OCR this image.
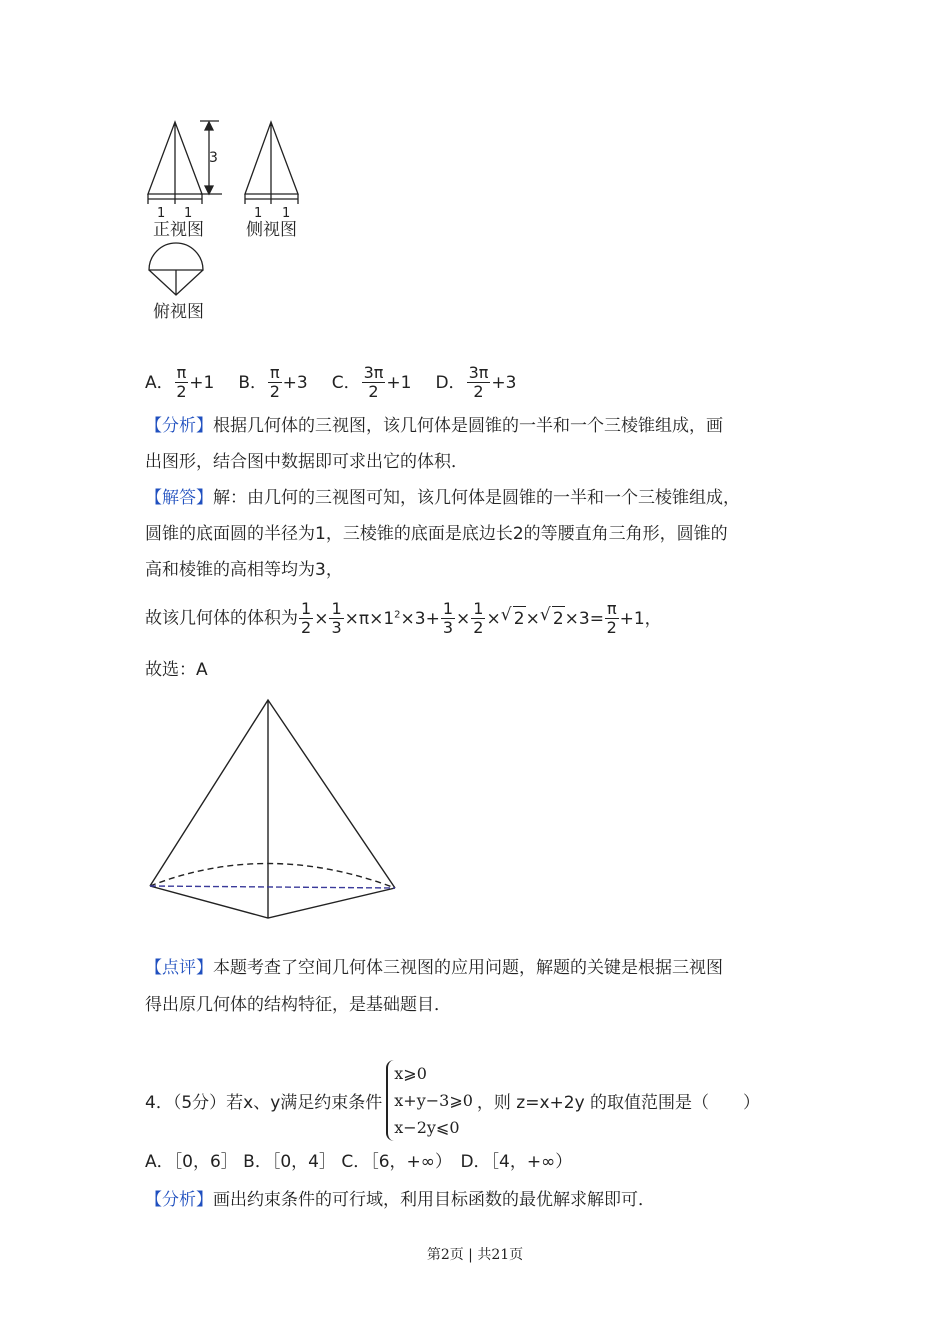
3
1 1	1 1
正视图 侧视图
俯视图
A． $\frac{\pi}{2} +1$ B． $\frac{\pi}{2} +3$ C． $\frac{3\pi}{2} +1$ D． $\frac{3\pi}{2} +3$
【分析】根据几何体的三视图，该几何体是圆锥的一半和一个三棱锥组成，画
出图形，结合图中数据即可求出它的体积．
【解答】解：由几何的三视图可知，该几何体是圆锥的一半和一个三棱锥组成，
圆锥的底面圆的半径为1，三棱锥的底面是底边长2的等腰直角三角形，圆锥的
高和棱锥的高相等均为3，
故该几何体的体积为 $\frac{1}{2} \times \frac{1}{3} \times\pi\times 1^2\times 3+ \frac{1}{3} \times \frac{1}{2}$ × √ 2× √ $2\times 3= \frac{\pi}{2} +1$，
故选：A
【点评】本题考查了空间几何体三视图的应用问题，解题的关键是根据三视图
得出原几何体的结构特征，是基础题目．
4．（5分）若x、y满足约束条件
x⩾0
x+y−3⩾0
x−2y⩽0
，则 z=x+2y 的取值范围是（　　）
A．［0，6］ B．［0，4］ C．［6，+∞）　D．［4，+∞）
【分析】画出约束条件的可行域，利用目标函数的最优解求解即可．
第2页 | 共21页
